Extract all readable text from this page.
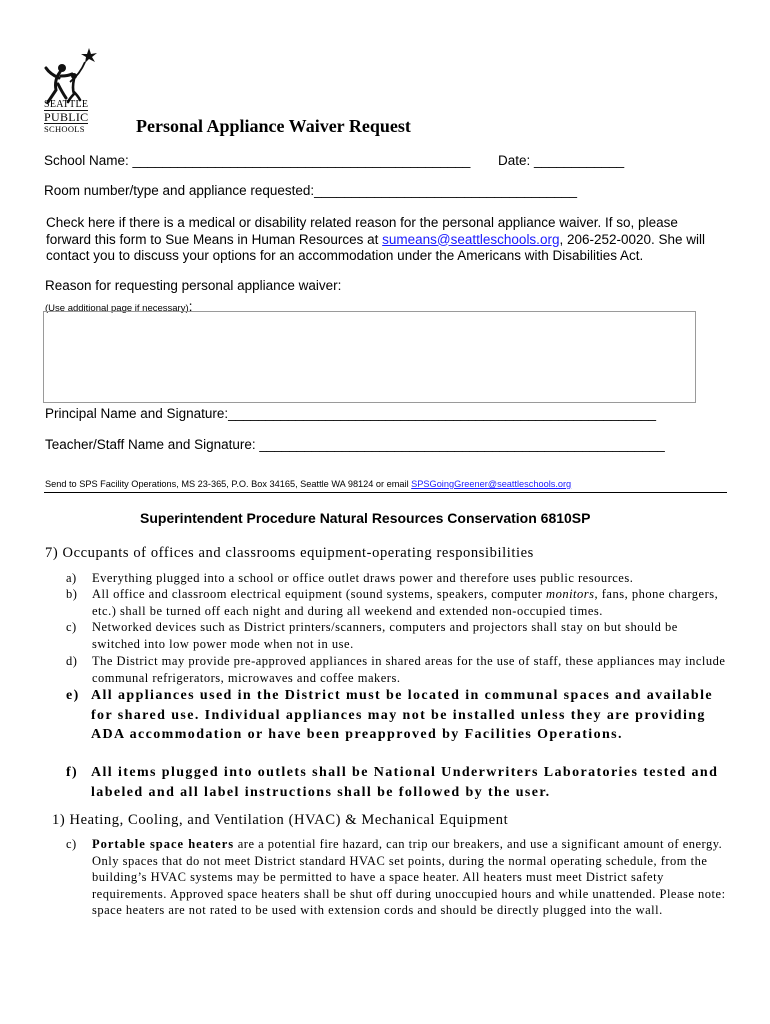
SEATTLE
PUBLIC
SCHOOLS	Personal Appliance Waiver Request
School Name: _____________________________________________ Date: ____________
Room number/type and appliance requested:___________________________________
Check here if there is a medical or disability related reason for the personal appliance waiver. If so, please forward this form to Sue Means in Human Resources at sumeans@seattleschools.org, 206-252-0020. She will contact you to discuss your options for an accommodation under the Americans with Disabilities Act.
Reason for requesting personal appliance waiver:
(Use additional page if necessary):
Principal Name and Signature:_________________________________________________________
Teacher/Staff Name and Signature: ______________________________________________________
Send to SPS Facility Operations, MS 23-365, P.O. Box 34165, Seattle WA 98124 or email SPSGoingGreener@seattleschools.org
Superintendent Procedure Natural Resources Conservation 6810SP
7) Occupants of offices and classrooms equipment-operating responsibilities
a) Everything plugged into a school or office outlet draws power and therefore uses public resources.
b) All office and classroom electrical equipment (sound systems, speakers, computer monitors, fans, phone chargers, etc.) shall be turned off each night and during all weekend and extended non-occupied times.
c) Networked devices such as District printers/scanners, computers and projectors shall stay on but should be switched into low power mode when not in use.
d) The District may provide pre-approved appliances in shared areas for the use of staff, these appliances may include communal refrigerators, microwaves and coffee makers.
e) All appliances used in the District must be located in communal spaces and available for shared use. Individual appliances may not be installed unless they are providing ADA accommodation or have been preapproved by Facilities Operations.
f) All items plugged into outlets shall be National Underwriters Laboratories tested and labeled and all label instructions shall be followed by the user.
1) Heating, Cooling, and Ventilation (HVAC) & Mechanical Equipment
c) Portable space heaters are a potential fire hazard, can trip our breakers, and use a significant amount of energy. Only spaces that do not meet District standard HVAC set points, during the normal operating schedule, from the building’s HVAC systems may be permitted to have a space heater. All heaters must meet District safety requirements. Approved space heaters shall be shut off during unoccupied hours and while unattended. Please note: space heaters are not rated to be used with extension cords and should be directly plugged into the wall.
